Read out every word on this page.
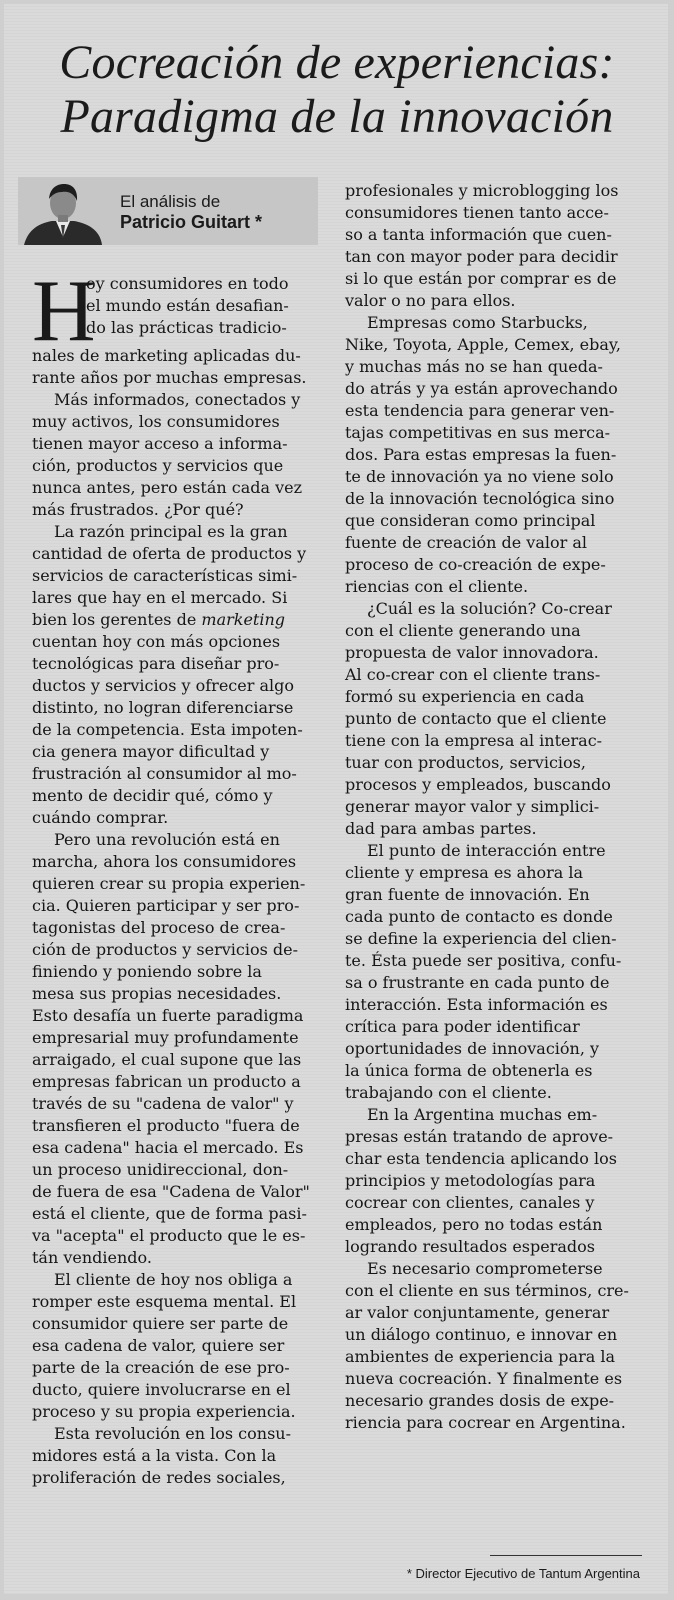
Cocreación de experiencias:
Paradigma de la innovación
El análisis de
Patricio Guitart *
H

oy consumidores en todo
el mundo están desafian-
do las prácticas tradicio-
nales de marketing aplicadas du-
rante años por muchas empresas.

Más informados, conectados y
muy activos, los consumidores
tienen mayor acceso a informa-
ción, productos y servicios que
nunca antes, pero están cada vez
más frustrados. ¿Por qué?

La razón principal es la gran
cantidad de oferta de productos y
servicios de características simi-
lares que hay en el mercado. Si
bien los gerentes de marketing
cuentan hoy con más opciones
tecnológicas para diseñar pro-
ductos y servicios y ofrecer algo
distinto, no logran diferenciarse
de la competencia. Esta impoten-
cia genera mayor dificultad y
frustración al consumidor al mo-
mento de decidir qué, cómo y
cuándo comprar.

Pero una revolución está en
marcha, ahora los consumidores
quieren crear su propia experien-
cia. Quieren participar y ser pro-
tagonistas del proceso de crea-
ción de productos y servicios de-
finiendo y poniendo sobre la
mesa sus propias necesidades.
Esto desafía un fuerte paradigma
empresarial muy profundamente
arraigado, el cual supone que las
empresas fabrican un producto a
través de su "cadena de valor" y
transfieren el producto "fuera de
esa cadena" hacia el mercado. Es
un proceso unidireccional, don-
de fuera de esa "Cadena de Valor"
está el cliente, que de forma pasi-
va "acepta" el producto que le es-
tán vendiendo.

El cliente de hoy nos obliga a
romper este esquema mental. El
consumidor quiere ser parte de
esa cadena de valor, quiere ser
parte de la creación de ese pro-
ducto, quiere involucrarse en el
proceso y su propia experiencia.

Esta revolución en los consu-
midores está a la vista. Con la
proliferación de redes sociales,

profesionales y microblogging los
consumidores tienen tanto acce-
so a tanta información que cuen-
tan con mayor poder para decidir
si lo que están por comprar es de
valor o no para ellos.

Empresas como Starbucks,
Nike, Toyota, Apple, Cemex, ebay,
y muchas más no se han queda-
do atrás y ya están aprovechando
esta tendencia para generar ven-
tajas competitivas en sus merca-
dos. Para estas empresas la fuen-
te de innovación ya no viene solo
de la innovación tecnológica sino
que consideran como principal
fuente de creación de valor al
proceso de co-creación de expe-
riencias con el cliente.

¿Cuál es la solución? Co-crear
con el cliente generando una
propuesta de valor innovadora.
Al co-crear con el cliente trans-
formó su experiencia en cada
punto de contacto que el cliente
tiene con la empresa al interac-
tuar con productos, servicios,
procesos y empleados, buscando
generar mayor valor y simplici-
dad para ambas partes.

El punto de interacción entre
cliente y empresa es ahora la
gran fuente de innovación. En
cada punto de contacto es donde
se define la experiencia del clien-
te. Ésta puede ser positiva, confu-
sa o frustrante en cada punto de
interacción. Esta información es
crítica para poder identificar
oportunidades de innovación, y
la única forma de obtenerla es
trabajando con el cliente.

En la Argentina muchas em-
presas están tratando de aprove-
char esta tendencia aplicando los
principios y metodologías para
cocrear con clientes, canales y
empleados, pero no todas están
logrando resultados esperados

Es necesario comprometerse
con el cliente en sus términos, cre-
ar valor conjuntamente, generar
un diálogo continuo, e innovar en
ambientes de experiencia para la
nueva cocreación. Y finalmente es
necesario grandes dosis de expe-
riencia para cocrear en Argentina.

* Director Ejecutivo de Tantum Argentina
